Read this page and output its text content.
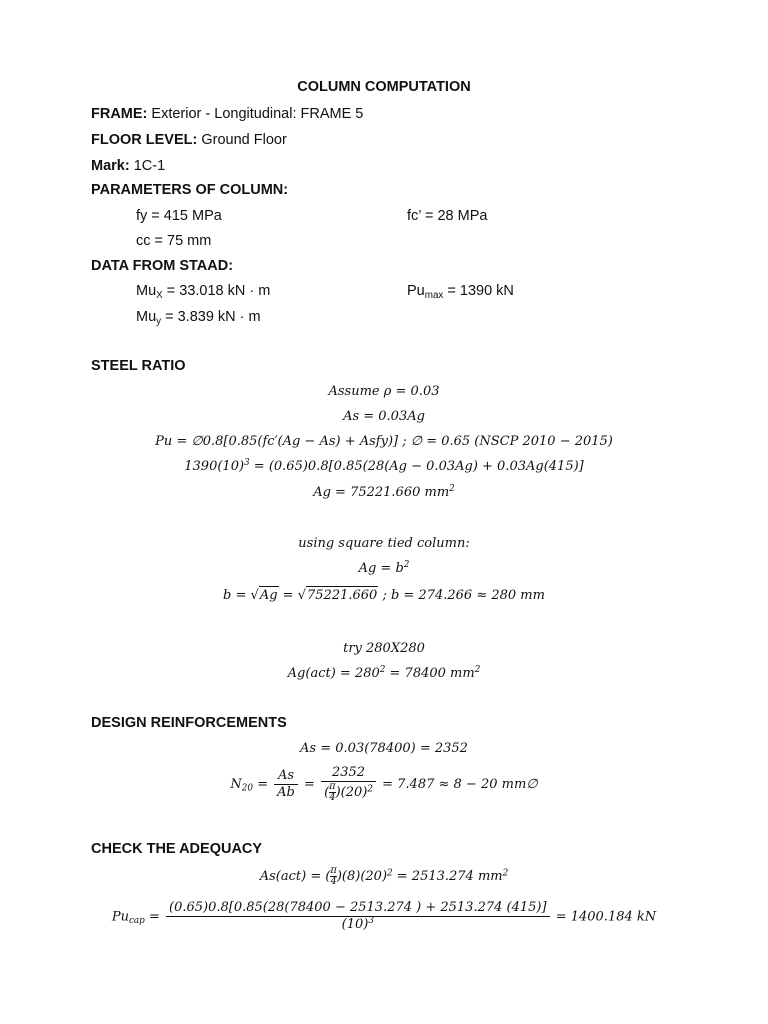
COLUMN COMPUTATION
FRAME: Exterior - Longitudinal: FRAME 5
FLOOR LEVEL: Ground Floor
Mark: 1C-1
PARAMETERS OF COLUMN:
fy = 415 MPa	fc’ = 28 MPa
cc = 75 mm
DATA FROM STAAD:
$Mu_X = 33.018$ kN · m	$Pu_{max} = 1390$ kN
$Mu_y = 3.839$ kN · m
STEEL RATIO
Assume ρ = 0.03
As = 0.03Ag
Pu = ∅0.8[0.85(fc′(Ag − As) + Asfy)] ; ∅ = 0.65 (NSCP 2010 − 2015)
$1390(10)^3 = (0.65)0.8[0.85(28(Ag - 0.03Ag) + 0.03Ag(415)]$
Ag = 75221.660 $mm^2$
using square tied column:
$Ag = b^2$
b = √Ag = √75221.660 ; b = 274.266 ≈ 280 mm
try 280X280
$Ag(act) = 280^2 = 78400$ $mm^2$
DESIGN REINFORCEMENTS
As = 0.03(78400) = 2352
$N_{20} = \frac{As}{Ab} = \frac{2352}{( \frac{\pi}{4} )(20)^2} = 7.487 \approx 8 - 20$ mm∅
CHECK THE ADEQUACY
As(act) = ( $\frac{\pi}{4} )(8)(20)^2 = 2513.274$ $mm^2$
$Pu_{cap} = \frac{(0.65)0.8[0.85(28(78400 - 2513.274 ) + 2513.274 (415)]}{(10)^3} = 1400.184$ kN
